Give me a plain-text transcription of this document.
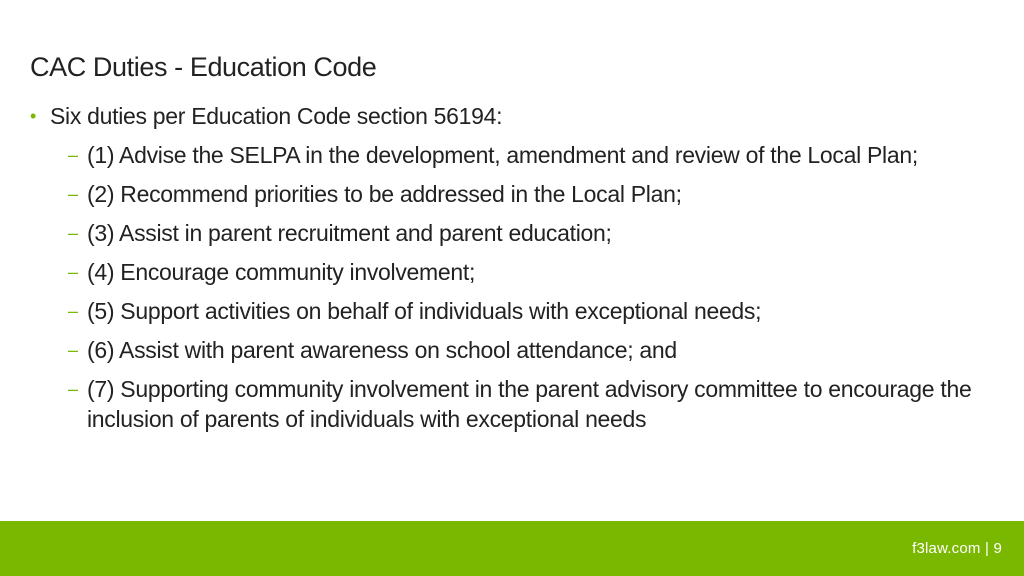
CAC Duties - Education Code
• Six duties per Education Code section 56194:
– (1) Advise the SELPA in the development, amendment and review of the Local Plan;
– (2) Recommend priorities to be addressed in the Local Plan;
– (3) Assist in parent recruitment and parent education;
– (4) Encourage community involvement;
– (5) Support activities on behalf of individuals with exceptional needs;
– (6) Assist with parent awareness on school attendance; and
– (7) Supporting community involvement in the parent advisory committee to encourage the inclusion of parents of individuals with exceptional needs
f3law.com | 9
